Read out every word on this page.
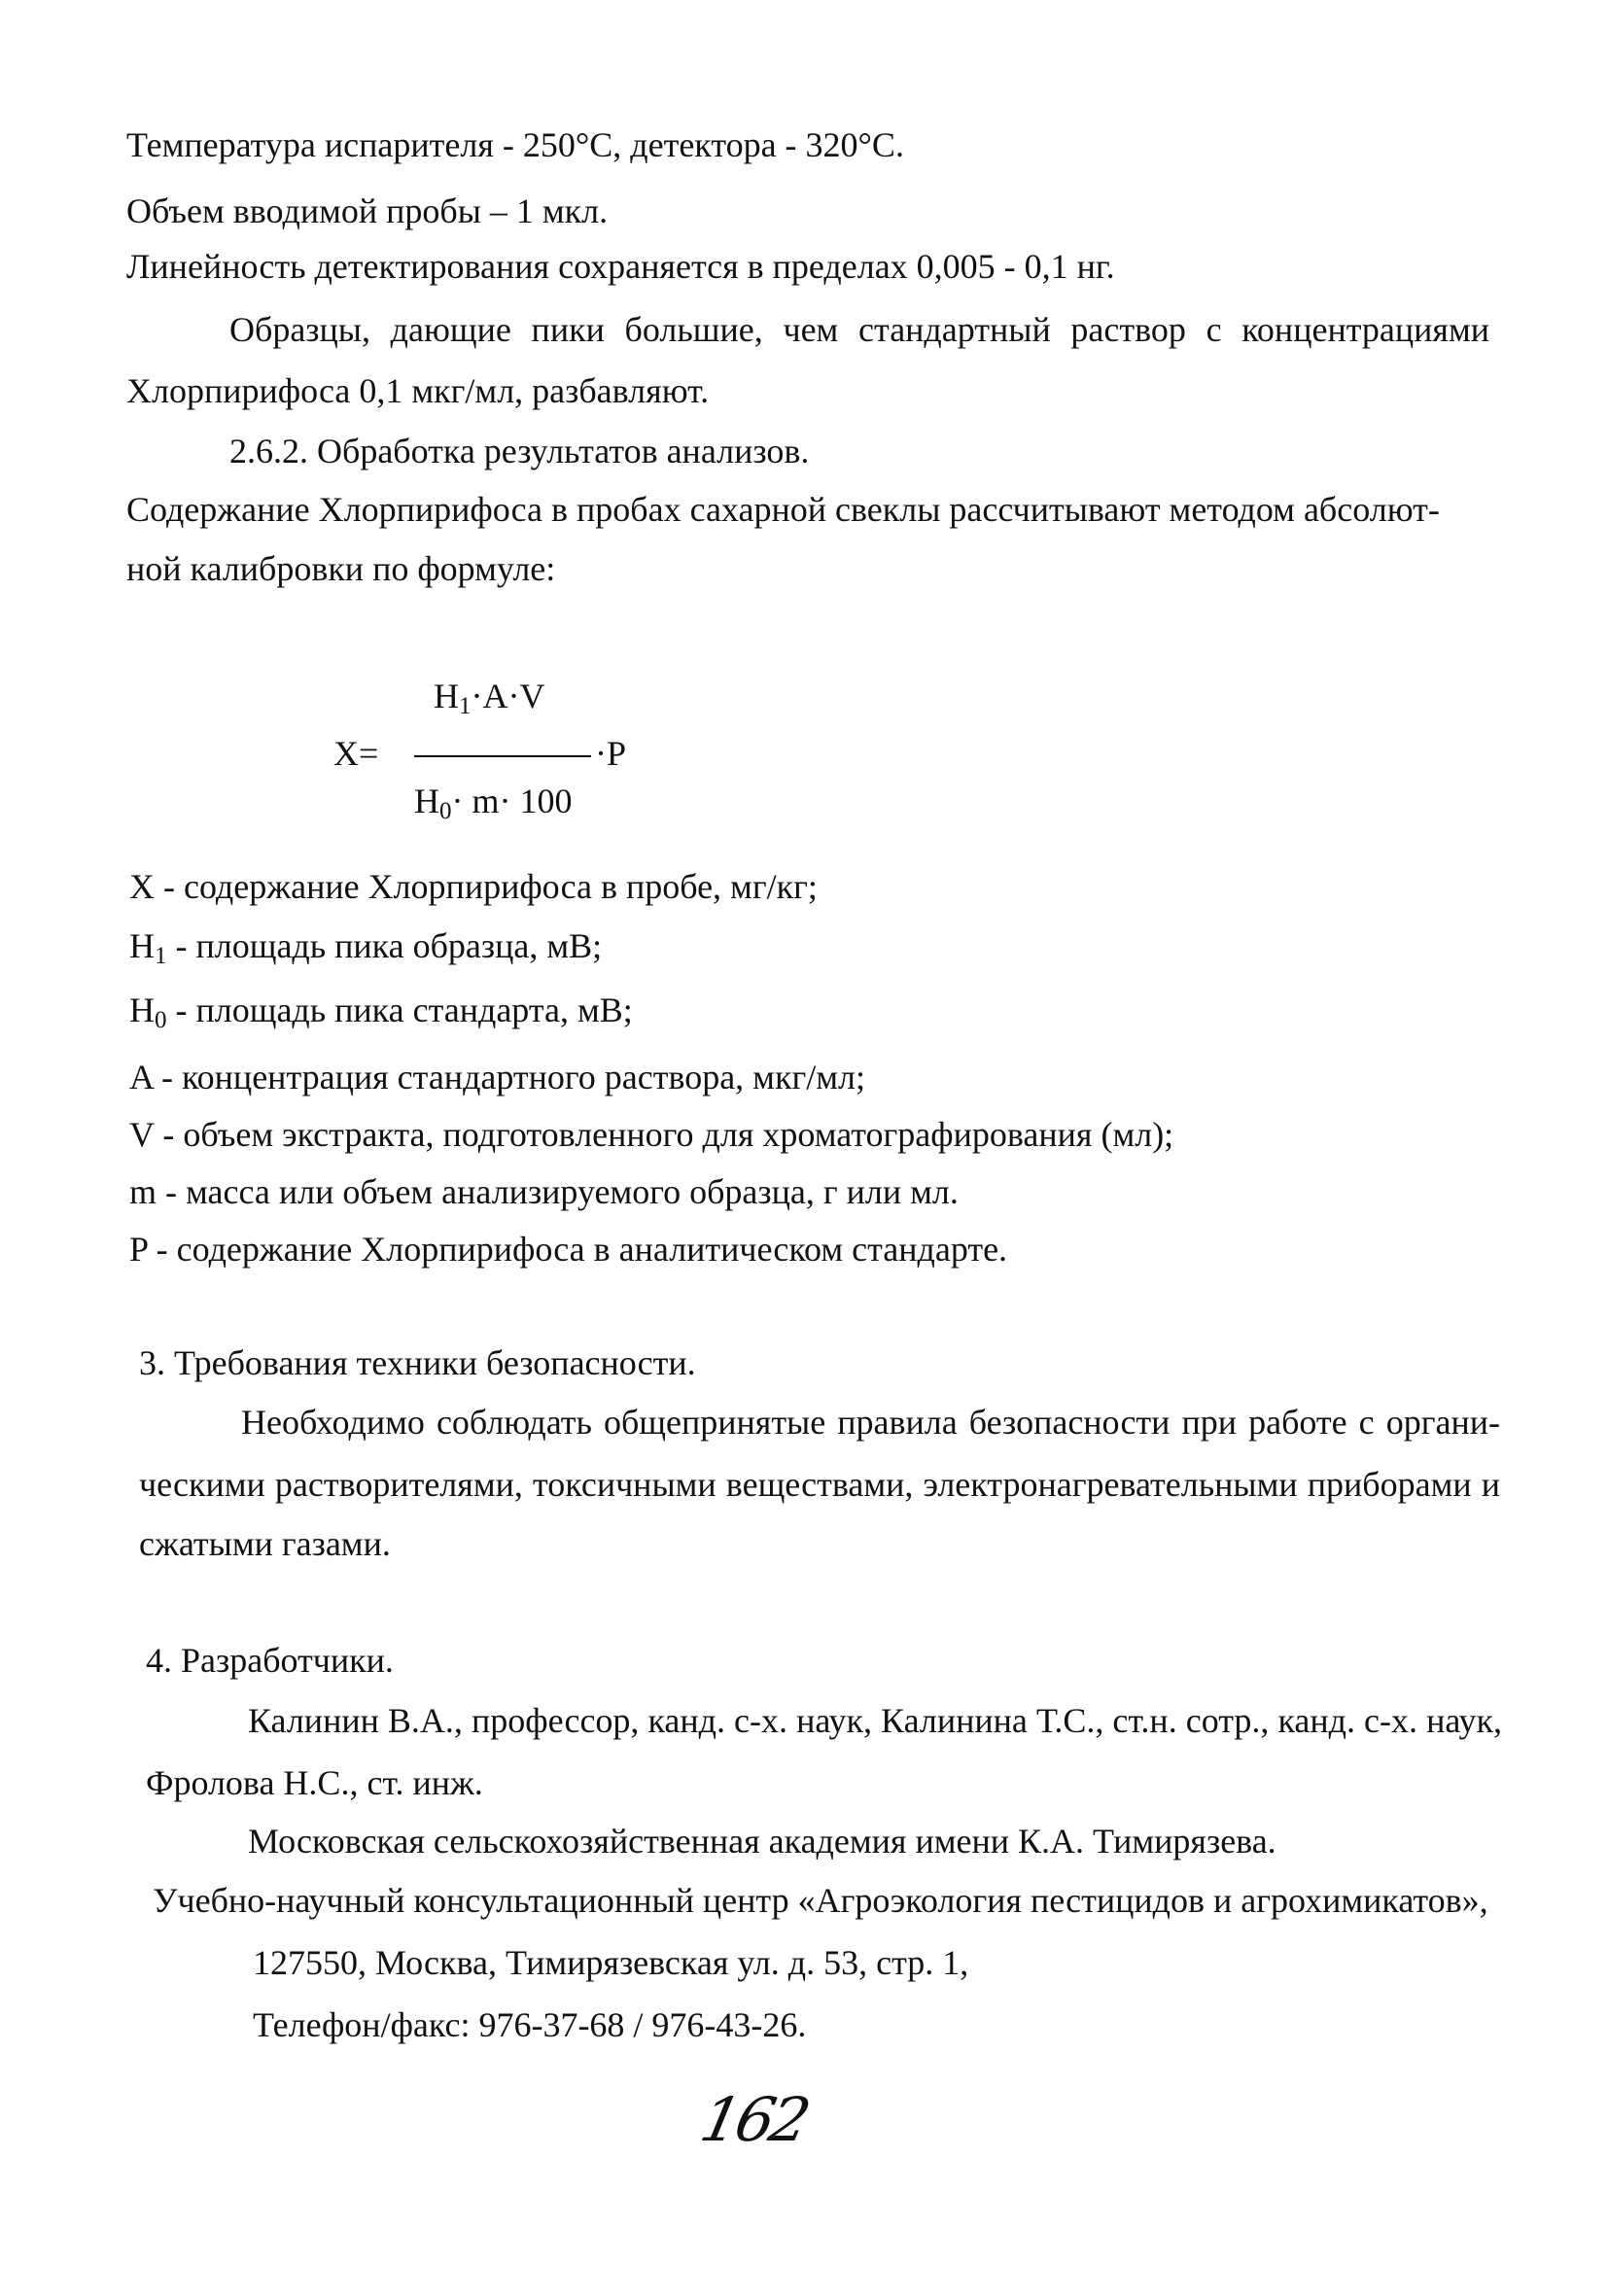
Температура испарителя - 250°С, детектора - 320°С.
Объем вводимой пробы – 1 мкл.
Линейность детектирования сохраняется в пределах 0,005 - 0,1 нг.
Образцы, дающие пики большие, чем стандартный раствор с концентрациями
Хлорпирифоса 0,1 мкг/мл, разбавляют.
2.6.2. Обработка результатов анализов.
Содержание Хлорпирифоса в пробах сахарной свеклы рассчитывают методом абсолют-
ной калибровки по формуле:
$H_1\cdot A\cdot V$
X=	·P
$H_0\cdot m\cdot 100$
X - содержание Хлорпирифоса в пробе, мг/кг;
$H_1$ - площадь пика образца, мВ;
$H_0$ - площадь пика стандарта, мВ;
A - концентрация стандартного раствора, мкг/мл;
V - объем экстракта, подготовленного для хроматографирования (мл);
m - масса или объем анализируемого образца, г или мл.
P - содержание Хлорпирифоса в аналитическом стандарте.
3. Требования техники безопасности.
Необходимо соблюдать общепринятые правила безопасности при работе с органи-
ческими растворителями, токсичными веществами, электронагревательными приборами и
сжатыми газами.
4. Разработчики.
Калинин В.А., профессор, канд. с-х. наук, Калинина Т.С., ст.н. сотр., канд. с-х. наук,
Фролова Н.С., ст. инж.
Московская сельскохозяйственная академия имени К.А. Тимирязева.
Учебно-научный консультационный центр «Агроэкология пестицидов и агрохимикатов»,
127550, Москва, Тимирязевская ул. д. 53, стр. 1,
Телефон/факс: 976-37-68 / 976-43-26.
162
